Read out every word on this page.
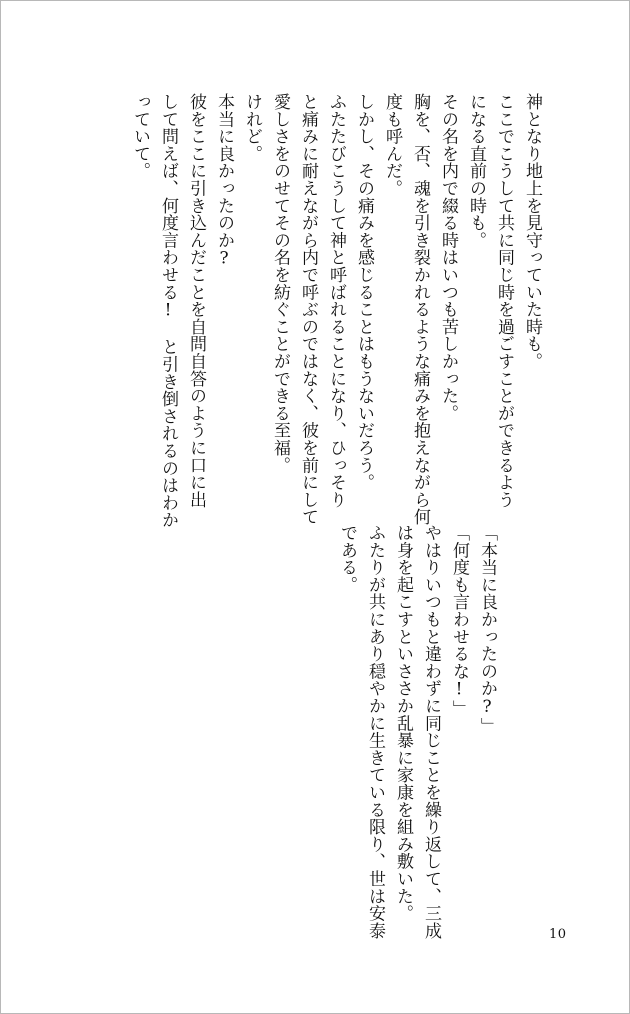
神となり地上を見守っていた時も。
ここでこうして共に同じ時を過ごすことができるよう
になる直前の時も。
その名を内で綴る時はいつも苦しかった。
胸を、否、魂を引き裂かれるような痛みを抱えながら何
度も呼んだ。
しかし、その痛みを感じることはもうないだろう。
ふたたびこうして神と呼ばれることになり、ひっそり
と痛みに耐えながら内で呼ぶのではなく、彼を前にして
愛しさをのせてその名を紡ぐことができる至福。
けれど。
本当に良かったのか?
彼をここに引き込んだことを自問自答のように口に出
して問えば、何度言わせる!　と引き倒されるのはわか
っていて。
「本当に良かったのか?」
「何度も言わせるな!」
やはりいつもと違わずに同じことを繰り返して、三成
は身を起こすといささか乱暴に家康を組み敷いた。
ふたりが共にあり穏やかに生きている限り、世は安泰
である。
10
